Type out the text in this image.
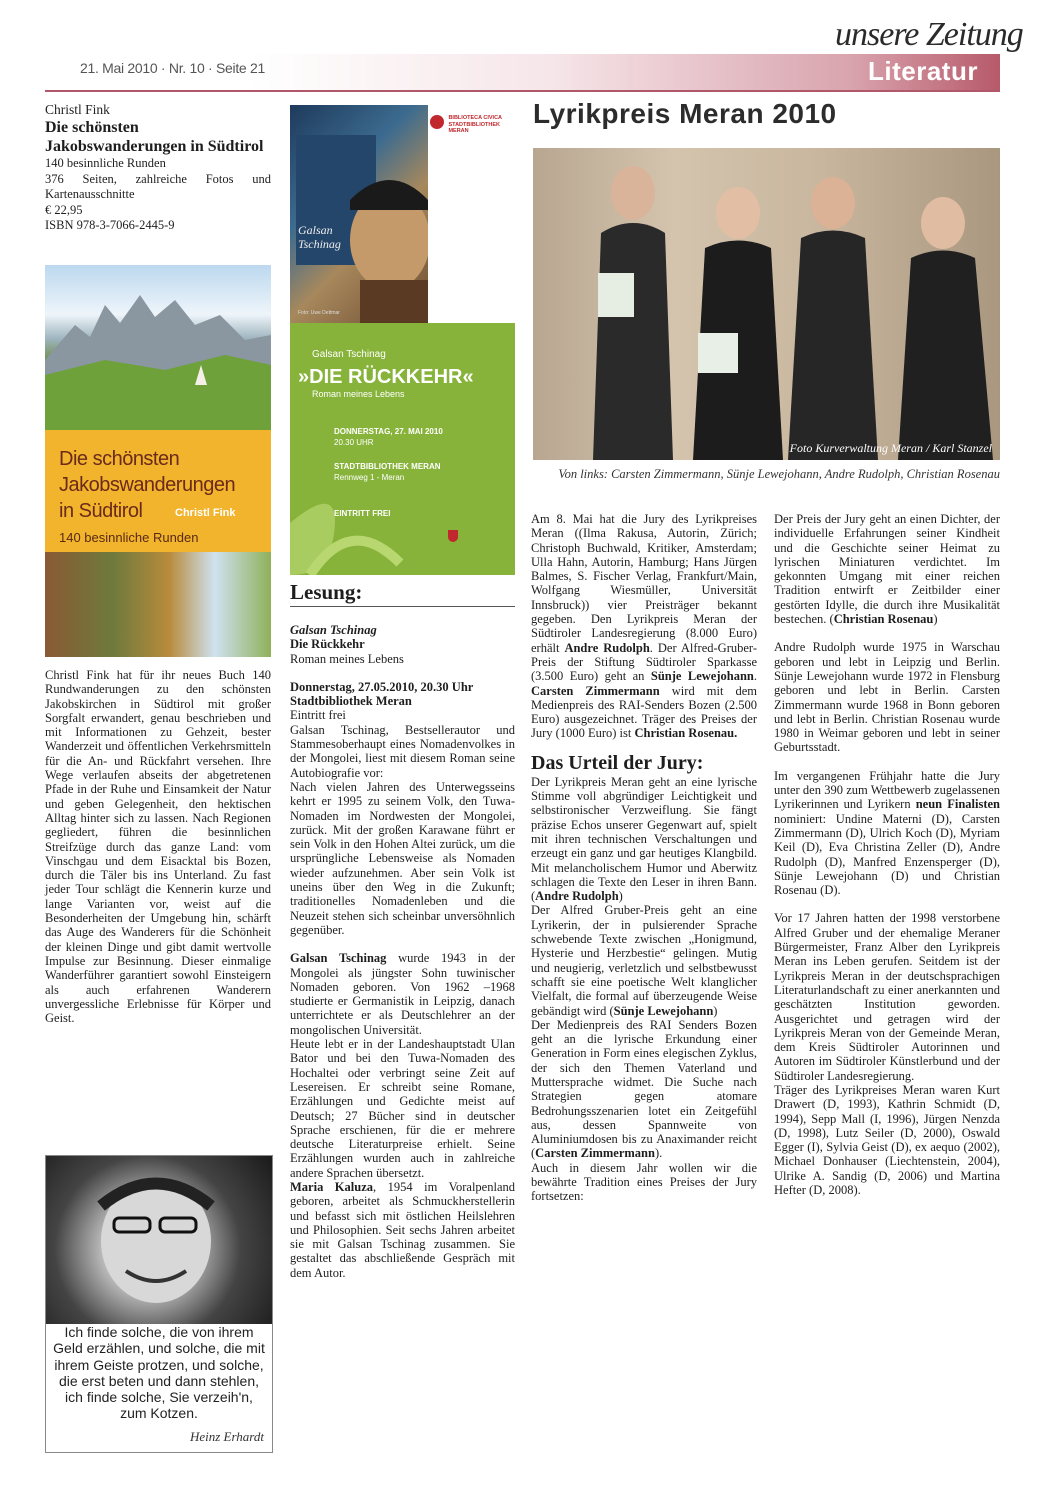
21. Mai 2010 · Nr. 10 · Seite 21
unsere Zeitung
Literatur
Christl Fink
Die schönsten Jakobswanderungen in Südtirol
140 besinnliche Runden
376 Seiten, zahlreiche Fotos und Kartenausschnitte
€ 22,95
ISBN 978-3-7066-2445-9
Die schönsten
Jakobswanderungen
in Südtirol	Christl Fink
140 besinnliche Runden
Christl Fink hat für ihr neues Buch 140 Rundwanderungen zu den schönsten Jakobskirchen in Südtirol mit großer Sorgfalt erwandert, genau beschrieben und mit Informationen zu Gehzeit, bester Wanderzeit und öffentlichen Verkehrsmitteln für die An- und Rückfahrt versehen. Ihre Wege verlaufen abseits der abgetretenen Pfade in der Ruhe und Einsamkeit der Natur und geben Gelegenheit, den hektischen Alltag hinter sich zu lassen. Nach Regionen gegliedert, führen die besinnlichen Streifzüge durch das ganze Land: vom Vinschgau und dem Eisacktal bis Bozen, durch die Täler bis ins Unterland. Zu fast jeder Tour schlägt die Kennerin kurze und lange Varianten vor, weist auf die Besonderheiten der Umgebung hin, schärft das Auge des Wanderers für die Schönheit der kleinen Dinge und gibt damit wertvolle Impulse zur Besinnung. Dieser einmalige Wanderführer garantiert sowohl Einsteigern als auch erfahrenen Wanderern unvergessliche Erlebnisse für Körper und Geist.
Ich finde solche, die von ihrem Geld erzählen, und solche, die mit ihrem Geiste protzen, und solche, die erst beten und dann stehlen, ich finde solche, Sie verzeih'n, zum Kotzen.
Heinz Erhardt
Galsan Tschinag
Foto: Uwe Dettmar
BIBLIOTECA CIVICA STADTBIBLIOTHEK MERAN
Galsan Tschinag
»DIE RÜCKKEHR«
Roman meines Lebens
DONNERSTAG, 27. MAI 2010
20.30 UHR
STADTBIBLIOTHEK MERAN
Rennweg 1 - Meran
EINTRITT FREI
Lesung:
Galsan Tschinag
Die Rückkehr
Roman meines Lebens
Donnerstag, 27.05.2010, 20.30 Uhr
Stadtbibliothek Meran
Eintritt frei

Galsan Tschinag, Bestsellerautor und Stammesoberhaupt eines Nomadenvolkes in der Mongolei, liest mit diesem Roman seine Autobiografie vor:

Nach vielen Jahren des Unterwegsseins kehrt er 1995 zu seinem Volk, den Tuwa-Nomaden im Nordwesten der Mongolei, zurück. Mit der großen Karawane führt er sein Volk in den Hohen Altei zurück, um die ursprüngliche Lebensweise als Nomaden wieder aufzunehmen. Aber sein Volk ist uneins über den Weg in die Zukunft; traditionelles Nomadenleben und die Neuzeit stehen sich scheinbar unversöhnlich gegenüber.

Galsan Tschinag wurde 1943 in der Mongolei als jüngster Sohn tuwinischer Nomaden geboren. Von 1962 –1968 studierte er Germanistik in Leipzig, danach unterrichtete er als Deutschlehrer an der mongolischen Universität.

Heute lebt er in der Landeshauptstadt Ulan Bator und bei den Tuwa-Nomaden des Hochaltei oder verbringt seine Zeit auf Lesereisen. Er schreibt seine Romane, Erzählungen und Gedichte meist auf Deutsch; 27 Bücher sind in deutscher Sprache erschienen, für die er mehrere deutsche Literaturpreise erhielt. Seine Erzählungen wurden auch in zahlreiche andere Sprachen übersetzt.

Maria Kaluza, 1954 im Voralpenland geboren, arbeitet als Schmuckherstellerin und befasst sich mit östlichen Heilslehren und Philosophien. Seit sechs Jahren arbeitet sie mit Galsan Tschinag zusammen. Sie gestaltet das abschließende Gespräch mit dem Autor.

Lyrikpreis Meran 2010
Foto Kurverwaltung Meran / Karl Stanzel
Von links: Carsten Zimmermann, Sünje Lewejohann, Andre Rudolph, Christian Rosenau

Am 8. Mai hat die Jury des Lyrikpreises Meran ((Ilma Rakusa, Autorin, Zürich; Christoph Buchwald, Kritiker, Amsterdam; Ulla Hahn, Autorin, Hamburg; Hans Jürgen Balmes, S. Fischer Verlag, Frankfurt/Main, Wolfgang Wiesmüller, Universität Innsbruck)) vier Preisträger bekannt gegeben. Den Lyrikpreis Meran der Südtiroler Landesregierung (8.000 Euro) erhält Andre Rudolph. Der Alfred-Gruber-Preis der Stiftung Südtiroler Sparkasse (3.500 Euro) geht an Sünje Lewejohann. Carsten Zimmermann wird mit dem Medienpreis des RAI-Senders Bozen (2.500 Euro) ausgezeichnet. Träger des Preises der Jury (1000 Euro) ist Christian Rosenau.

Das Urteil der Jury:

Der Lyrikpreis Meran geht an eine lyrische Stimme voll abgründiger Leichtigkeit und selbstironischer Verzweiflung. Sie fängt präzise Echos unserer Gegenwart auf, spielt mit ihren technischen Verschaltungen und erzeugt ein ganz und gar heutiges Klangbild. Mit melancholischem Humor und Aberwitz schlagen die Texte den Leser in ihren Bann. (Andre Rudolph)

Der Alfred Gruber-Preis geht an eine Lyrikerin, der in pulsierender Sprache schwebende Texte zwischen „Honigmund, Hysterie und Herzbestie“ gelingen. Mutig und neugierig, verletzlich und selbstbewusst schafft sie eine poetische Welt klanglicher Vielfalt, die formal auf überzeugende Weise gebändigt wird (Sünje Lewejohann)

Der Medienpreis des RAI Senders Bozen geht an die lyrische Erkundung einer Generation in Form eines elegischen Zyklus, der sich den Themen Vaterland und Muttersprache widmet. Die Suche nach Strategien gegen atomare Bedrohungsszenarien lotet ein Zeitgefühl aus, dessen Spannweite von Aluminiumdosen bis zu Anaximander reicht (Carsten Zimmermann).

Auch in diesem Jahr wollen wir die bewährte Tradition eines Preises der Jury fortsetzen:

Der Preis der Jury geht an einen Dichter, der individuelle Erfahrungen seiner Kindheit und die Geschichte seiner Heimat zu lyrischen Miniaturen verdichtet. Im gekonnten Umgang mit einer reichen Tradition entwirft er Zeitbilder einer gestörten Idylle, die durch ihre Musikalität bestechen. (Christian Rosenau)

Andre Rudolph wurde 1975 in Warschau geboren und lebt in Leipzig und Berlin. Sünje Lewejohann wurde 1972 in Flensburg geboren und lebt in Berlin. Carsten Zimmermann wurde 1968 in Bonn geboren und lebt in Berlin. Christian Rosenau wurde 1980 in Weimar geboren und lebt in seiner Geburtsstadt.

Im vergangenen Frühjahr hatte die Jury unter den 390 zum Wettbewerb zugelassenen Lyrikerinnen und Lyrikern neun Finalisten nominiert: Undine Materni (D), Carsten Zimmermann (D), Ulrich Koch (D), Myriam Keil (D), Eva Christina Zeller (D), Andre Rudolph (D), Manfred Enzensperger (D), Sünje Lewejohann (D) und Christian Rosenau (D).

Vor 17 Jahren hatten der 1998 verstorbene Alfred Gruber und der ehemalige Meraner Bürgermeister, Franz Alber den Lyrikpreis Meran ins Leben gerufen. Seitdem ist der Lyrikpreis Meran in der deutschsprachigen Literaturlandschaft zu einer anerkannten und geschätzten Institution geworden. Ausgerichtet und getragen wird der Lyrikpreis Meran von der Gemeinde Meran, dem Kreis Südtiroler Autorinnen und Autoren im Südtiroler Künstlerbund und der Südtiroler Landesregierung.

Träger des Lyrikpreises Meran waren Kurt Drawert (D, 1993), Kathrin Schmidt (D, 1994), Sepp Mall (I, 1996), Jürgen Nenzda (D, 1998), Lutz Seiler (D, 2000), Oswald Egger (I), Sylvia Geist (D), ex aequo (2002), Michael Donhauser (Liechtenstein, 2004), Ulrike A. Sandig (D, 2006) und Martina Hefter (D, 2008).
